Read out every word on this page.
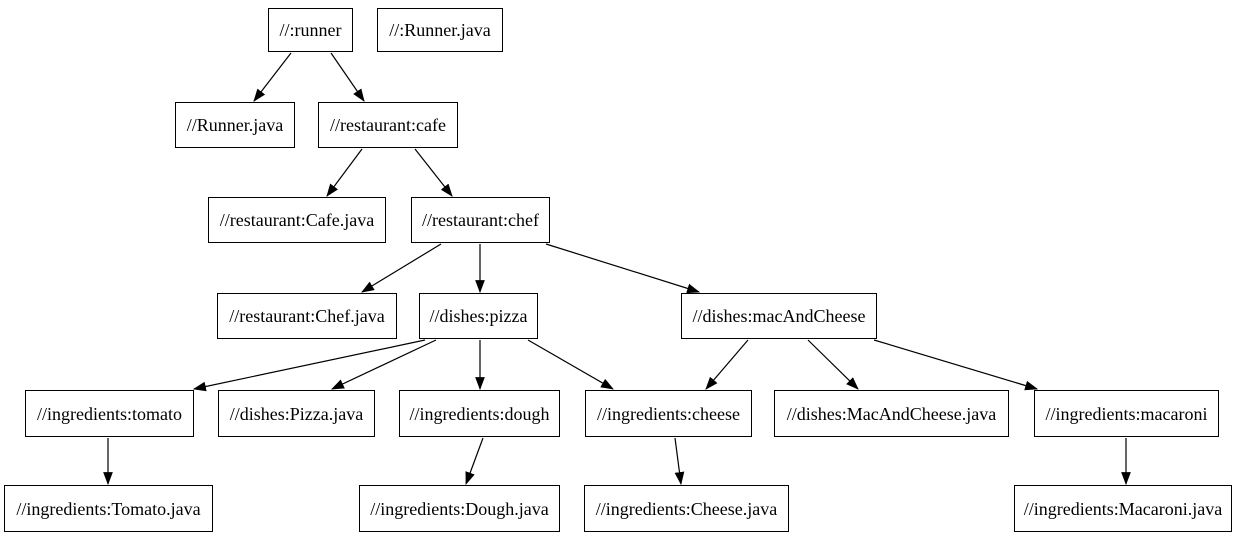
//:runner	//:Runner.java
//Runner.java	//restaurant:cafe
//restaurant:Cafe.java	//restaurant:chef
//restaurant:Chef.java	//dishes:pizza	//dishes:macAndCheese
//ingredients:tomato	//dishes:Pizza.java	//ingredients:dough	//ingredients:cheese	//dishes:MacAndCheese.java	//ingredients:macaroni
//ingredients:Tomato.java	//ingredients:Dough.java	//ingredients:Cheese.java	//ingredients:Macaroni.java
